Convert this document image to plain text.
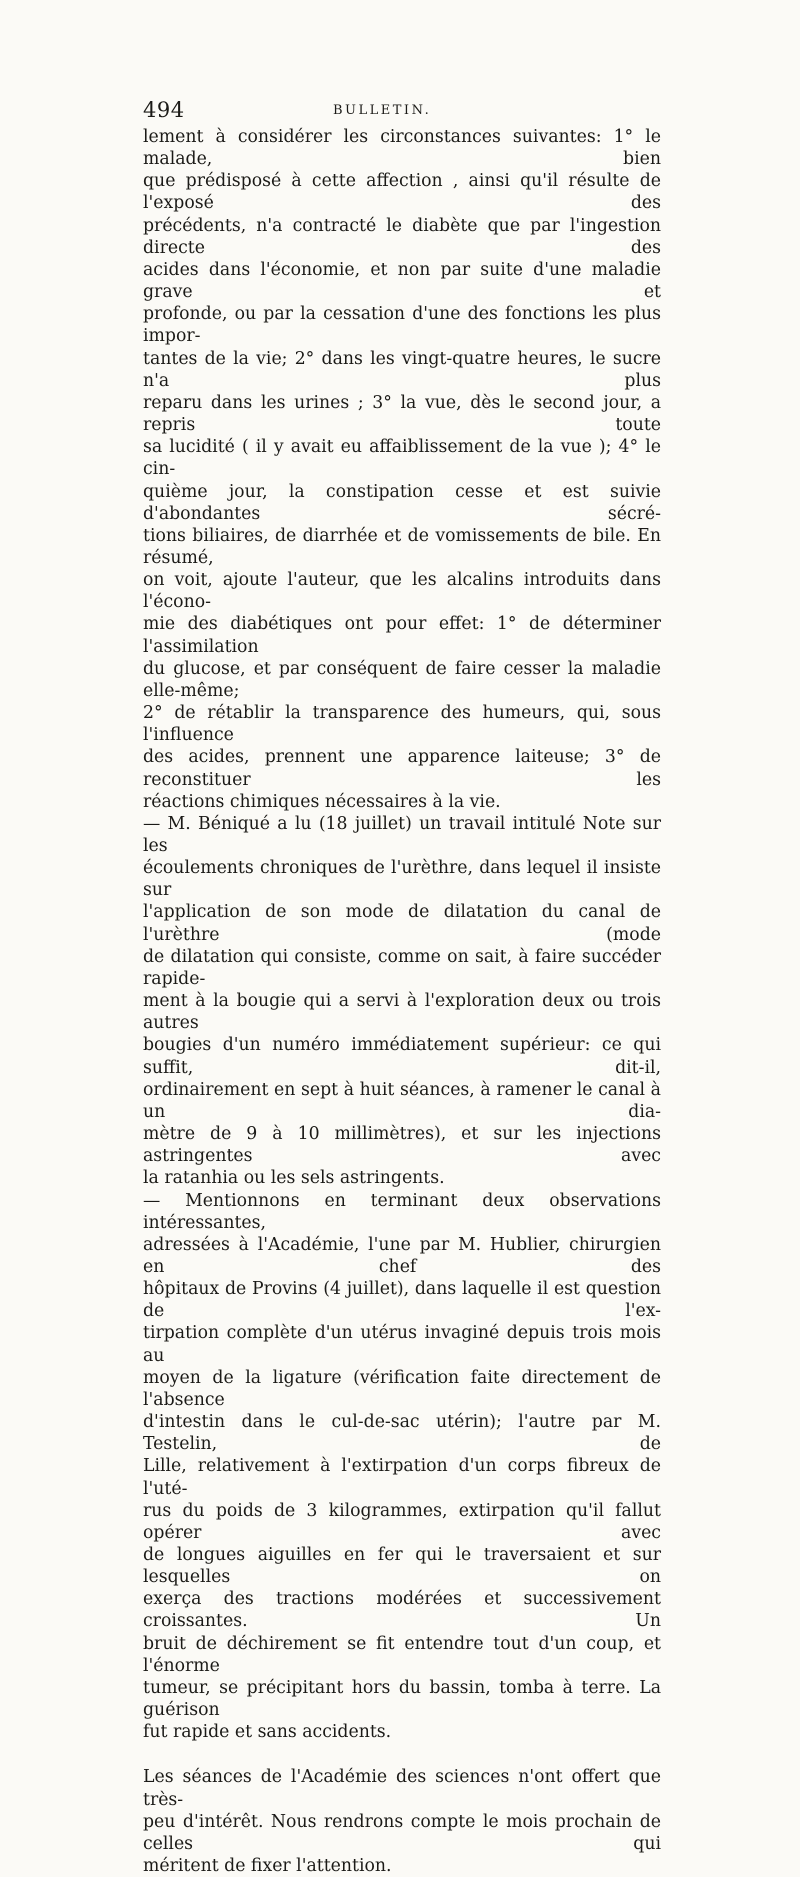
494	BULLETIN.

lement à considérer les circonstances suivantes: 1° le malade, bien

que prédisposé à cette affection , ainsi qu'il résulte de l'exposé des

précédents, n'a contracté le diabète que par l'ingestion directe des

acides dans l'économie, et non par suite d'une maladie grave et

profonde, ou par la cessation d'une des fonctions les plus impor-

tantes de la vie; 2° dans les vingt-quatre heures, le sucre n'a plus

reparu dans les urines ; 3° la vue, dès le second jour, a repris toute

sa lucidité ( il y avait eu affaiblissement de la vue ); 4° le cin-

quième jour, la constipation cesse et est suivie d'abondantes sécré-

tions biliaires, de diarrhée et de vomissements de bile. En résumé,

on voit, ajoute l'auteur, que les alcalins introduits dans l'écono-

mie des diabétiques ont pour effet: 1° de déterminer l'assimilation

du glucose, et par conséquent de faire cesser la maladie elle-même;

2° de rétablir la transparence des humeurs, qui, sous l'influence

des acides, prennent une apparence laiteuse; 3° de reconstituer les

réactions chimiques nécessaires à la vie.

— M. Béniqué a lu (18 juillet) un travail intitulé Note sur les

écoulements chroniques de l'urèthre, dans lequel il insiste sur

l'application de son mode de dilatation du canal de l'urèthre (mode

de dilatation qui consiste, comme on sait, à faire succéder rapide-

ment à la bougie qui a servi à l'exploration deux ou trois autres

bougies d'un numéro immédiatement supérieur: ce qui suffit, dit-il,

ordinairement en sept à huit séances, à ramener le canal à un dia-

mètre de 9 à 10 millimètres), et sur les injections astringentes avec

la ratanhia ou les sels astringents.

— Mentionnons en terminant deux observations intéressantes,

adressées à l'Académie, l'une par M. Hublier, chirurgien en chef des

hôpitaux de Provins (4 juillet), dans laquelle il est question de l'ex-

tirpation complète d'un utérus invaginé depuis trois mois au

moyen de la ligature (vérification faite directement de l'absence

d'intestin dans le cul-de-sac utérin); l'autre par M. Testelin, de

Lille, relativement à l'extirpation d'un corps fibreux de l'uté-

rus du poids de 3 kilogrammes, extirpation qu'il fallut opérer avec

de longues aiguilles en fer qui le traversaient et sur lesquelles on

exerça des tractions modérées et successivement croissantes. Un

bruit de déchirement se fit entendre tout d'un coup, et l'énorme

tumeur, se précipitant hors du bassin, tomba à terre. La guérison

fut rapide et sans accidents.

Les séances de l'Académie des sciences n'ont offert que très-

peu d'intérêt. Nous rendrons compte le mois prochain de celles qui

méritent de fixer l'attention.
